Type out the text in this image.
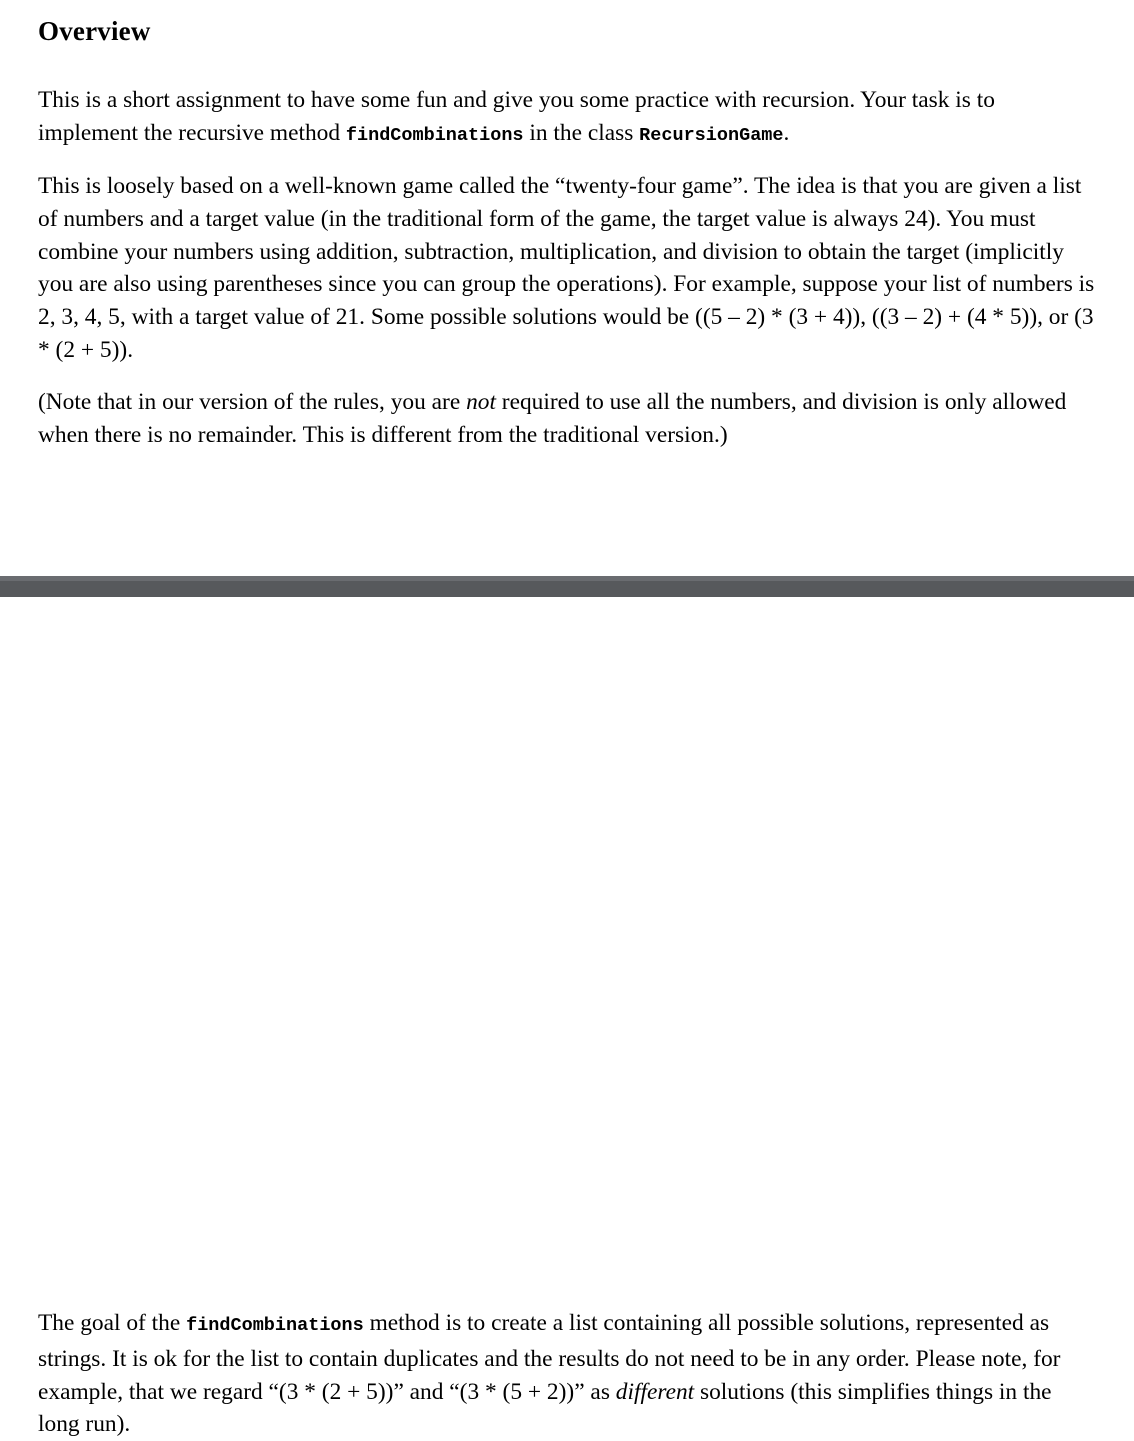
Overview

This is a short assignment to have some fun and give you some practice with recursion. Your task is to implement the recursive method findCombinations in the class RecursionGame.

This is loosely based on a well-known game called the “twenty-four game”. The idea is that you are given a list of numbers and a target value (in the traditional form of the game, the target value is always 24). You must combine your numbers using addition, subtraction, multiplication, and division to obtain the target (implicitly you are also using parentheses since you can group the operations). For example, suppose your list of numbers is 2, 3, 4, 5, with a target value of 21. Some possible solutions would be ((5 – 2) * (3 + 4)), ((3 – 2) + (4 * 5)), or (3 * (2 + 5)).

(Note that in our version of the rules, you are not required to use all the numbers, and division is only allowed when there is no remainder. This is different from the traditional version.)

The goal of the findCombinations method is to create a list containing all possible solutions, represented as strings. It is ok for the list to contain duplicates and the results do not need to be in any order. Please note, for example, that we regard “(3 * (2 + 5))” and “(3 * (5 + 2))” as different solutions (this simplifies things in the long run).
